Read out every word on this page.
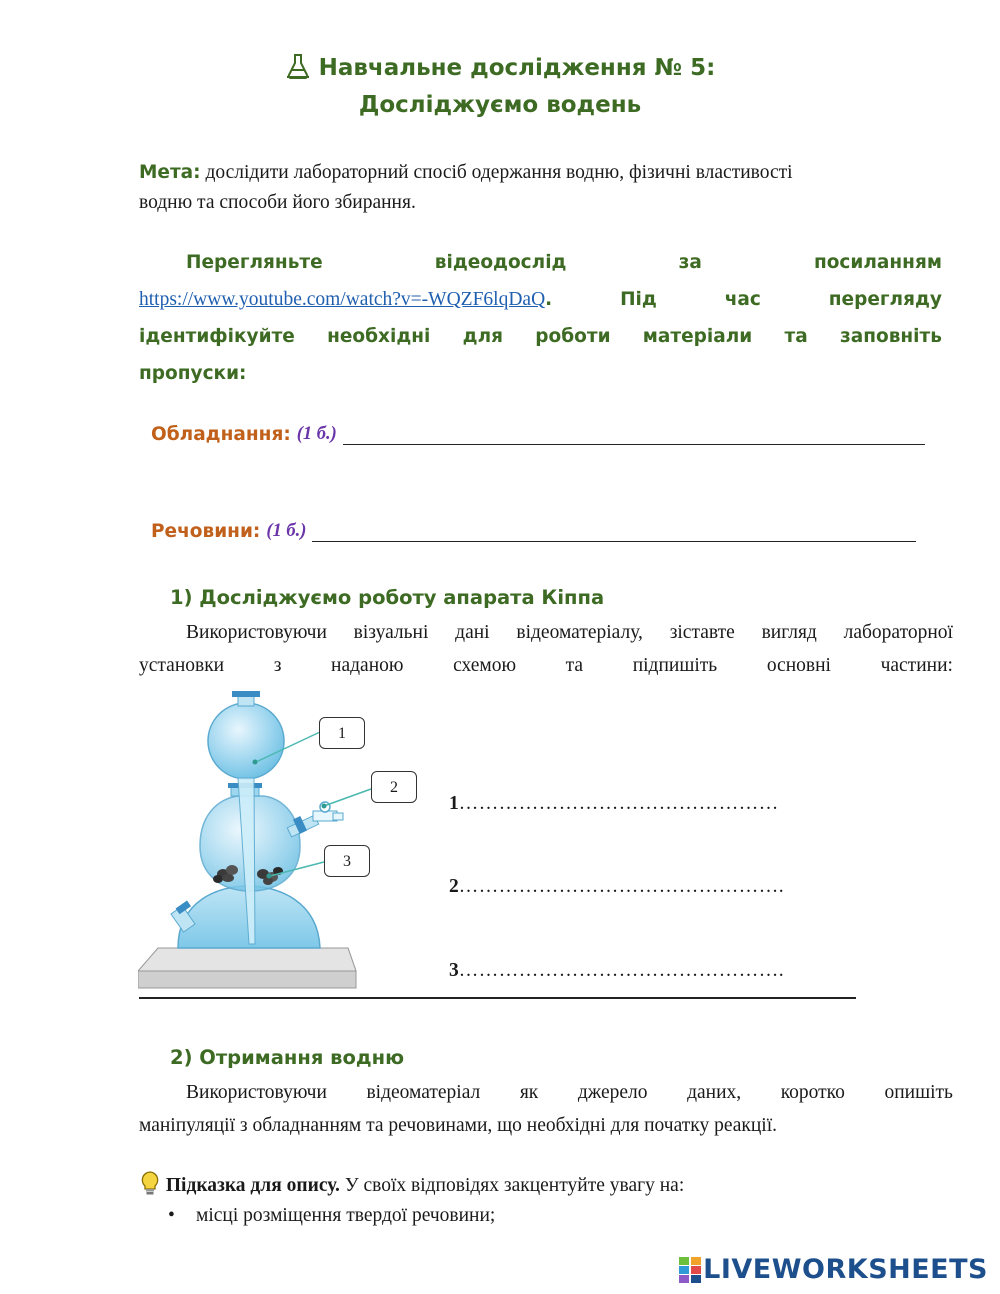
Навчальне дослідження № 5:
Досліджуємо водень
Мета: дослідити лабораторний спосіб одержання водню, фізичні властивості
водню та способи його збирання.
Перегляньте	відеодослід	за	посиланням
https://www.youtube.com/watch?v=-WQZF6lqDaQ.	Під	час	перегляду
ідентифікуйте необхідні для роботи матеріали та заповніть
пропуски:
Обладнання: (1 б.)
Речовини: (1 б.)
1) Досліджуємо роботу апарата Кіппа
Використовуючи візуальні дані відеоматеріалу, зіставте вигляд лабораторної
установки	з	наданою	схемою	та	підпишіть	основні	частини:
1
2
3
1…………………………………………
2………………………………………….
3………………………………………….
2) Отримання водню
Використовуючи відеоматеріал як джерело даних, коротко опишіть
маніпуляції з обладнанням та речовинами, що необхідні для початку реакції.
Підказка для опису. У своїх відповідях закцентуйте увагу на:
• місці розміщення твердої речовини;
LIVEWORKSHEETS
